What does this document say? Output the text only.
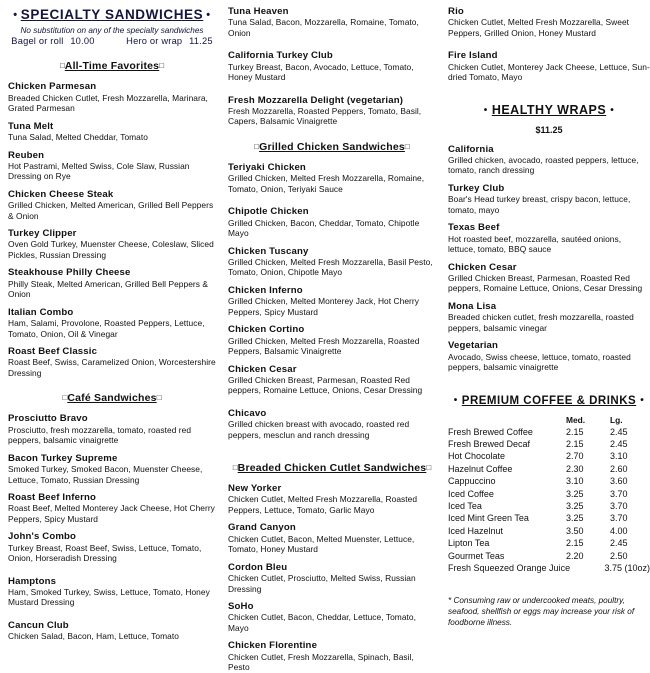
• SPECIALTY SANDWICHES •
No substitution on any of the specialty sandwiches
Bagel or roll 10.00	Hero or wrap 11.25
□All-Time Favorites□
Chicken Parmesan
Breaded Chicken Cutlet, Fresh Mozzarella, Marinara, Grated Parmesan
Tuna Melt
Tuna Salad, Melted Cheddar, Tomato
Reuben
Hot Pastrami, Melted Swiss, Cole Slaw, Russian Dressing on Rye
Chicken Cheese Steak
Grilled Chicken, Melted American, Grilled Bell Peppers & Onion
Turkey Clipper
Oven Gold Turkey, Muenster Cheese, Coleslaw, Sliced Pickles, Russian Dressing
Steakhouse Philly Cheese
Philly Steak, Melted American, Grilled Bell Peppers & Onion
Italian Combo
Ham, Salami, Provolone, Roasted Peppers, Lettuce, Tomato, Onion, Oil & Vinegar
Roast Beef Classic
Roast Beef, Swiss, Caramelized Onion, Worcestershire Dressing
□Café Sandwiches□
Prosciutto Bravo
Prosciutto, fresh mozzarella, tomato, roasted red peppers, balsamic vinaigrette
Bacon Turkey Supreme
Smoked Turkey, Smoked Bacon, Muenster Cheese, Lettuce, Tomato, Russian Dressing
Roast Beef Inferno
Roast Beef, Melted Monterey Jack Cheese, Hot Cherry Peppers, Spicy Mustard
John's Combo
Turkey Breast, Roast Beef, Swiss, Lettuce, Tomato, Onion, Horseradish Dressing
Hamptons
Ham, Smoked Turkey, Swiss, Lettuce, Tomato, Honey Mustard Dressing
Cancun Club
Chicken Salad, Bacon, Ham, Lettuce, Tomato
Tuna Heaven
Tuna Salad, Bacon, Mozzarella, Romaine, Tomato, Onion
California Turkey Club
Turkey Breast, Bacon, Avocado, Lettuce, Tomato, Honey Mustard
Fresh Mozzarella Delight (vegetarian)
Fresh Mozzarella, Roasted Peppers, Tomato, Basil, Capers, Balsamic Vinaigrette
□Grilled Chicken Sandwiches□
Teriyaki Chicken
Grilled Chicken, Melted Fresh Mozzarella, Romaine, Tomato, Onion, Teriyaki Sauce
Chipotle Chicken
Grilled Chicken, Bacon, Cheddar, Tomato, Chipotle Mayo
Chicken Tuscany
Grilled Chicken, Melted Fresh Mozzarella, Basil Pesto, Tomato, Onion, Chipotle Mayo
Chicken Inferno
Grilled Chicken, Melted Monterey Jack, Hot Cherry Peppers, Spicy Mustard
Chicken Cortino
Grilled Chicken, Melted Fresh Mozzarella, Roasted Peppers, Balsamic Vinaigrette
Chicken Cesar
Grilled Chicken Breast, Parmesan, Roasted Red peppers, Romaine Lettuce, Onions, Cesar Dressing
Chicavo
Grilled chicken breast with avocado, roasted red peppers, mesclun and ranch dressing
□Breaded Chicken Cutlet Sandwiches□
New Yorker
Chicken Cutlet, Melted Fresh Mozzarella, Roasted Peppers, Lettuce, Tomato, Garlic Mayo
Grand Canyon
Chicken Cutlet, Bacon, Melted Muenster, Lettuce, Tomato, Honey Mustard
Cordon Bleu
Chicken Cutlet, Prosciutto, Melted Swiss, Russian Dressing
SoHo
Chicken Cutlet, Bacon, Cheddar, Lettuce, Tomato, Mayo
Chicken Florentine
Chicken Cutlet, Fresh Mozzarella, Spinach, Basil, Pesto
Rio
Chicken Cutlet, Melted Fresh Mozzarella, Sweet Peppers, Grilled Onion, Honey Mustard
Fire Island
Chicken Cutlet, Monterey Jack Cheese, Lettuce, Sun-dried Tomato, Mayo
• HEALTHY WRAPS •
$11.25
California
Grilled chicken, avocado, roasted peppers, lettuce, tomato, ranch dressing
Turkey Club
Boar's Head turkey breast, crispy bacon, lettuce, tomato, mayo
Texas Beef
Hot roasted beef, mozzarella, sautéed onions, lettuce, tomato, BBQ sauce
Chicken Cesar
Grilled Chicken Breast, Parmesan, Roasted Red peppers, Romaine Lettuce, Onions, Cesar Dressing
Mona Lisa
Breaded chicken cutlet, fresh mozzarella, roasted peppers, balsamic vinegar
Vegetarian
Avocado, Swiss cheese, lettuce, tomato, roasted peppers, balsamic vinaigrette
• PREMIUM COFFEE & DRINKS •
Med.	Lg.
Fresh Brewed Coffee	2.15	2.45
Fresh Brewed Decaf	2.15	2.45
Hot Chocolate	2.70	3.10
Hazelnut Coffee	2.30	2.60
Cappuccino	3.10	3.60
Iced Coffee	3.25	3.70
Iced Tea	3.25	3.70
Iced Mint Green Tea	3.25	3.70
Iced Hazelnut	3.50	4.00
Lipton Tea	2.15	2.45
Gourmet Teas	2.20	2.50
Fresh Squeezed Orange Juice	3.75 (10oz)
* Consuming raw or undercooked meats, poultry, seafood, shellfish or eggs may increase your risk of foodborne illness.
